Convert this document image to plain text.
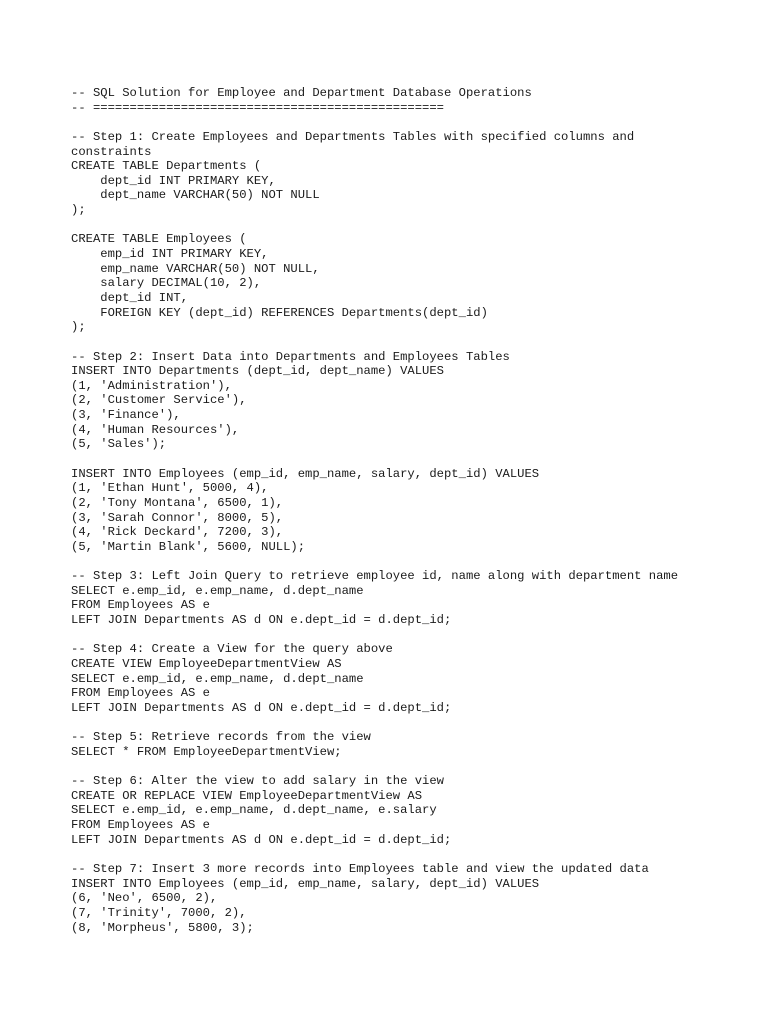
-- SQL Solution for Employee and Department Database Operations
-- ================================================
-- Step 1: Create Employees and Departments Tables with specified columns and
constraints
CREATE TABLE Departments (
dept_id INT PRIMARY KEY,
dept_name VARCHAR(50) NOT NULL
);
CREATE TABLE Employees (
emp_id INT PRIMARY KEY,
emp_name VARCHAR(50) NOT NULL,
salary DECIMAL(10, 2),
dept_id INT,
FOREIGN KEY (dept_id) REFERENCES Departments(dept_id)
);
-- Step 2: Insert Data into Departments and Employees Tables
INSERT INTO Departments (dept_id, dept_name) VALUES
(1, 'Administration'),
(2, 'Customer Service'),
(3, 'Finance'),
(4, 'Human Resources'),
(5, 'Sales');
INSERT INTO Employees (emp_id, emp_name, salary, dept_id) VALUES
(1, 'Ethan Hunt', 5000, 4),
(2, 'Tony Montana', 6500, 1),
(3, 'Sarah Connor', 8000, 5),
(4, 'Rick Deckard', 7200, 3),
(5, 'Martin Blank', 5600, NULL);
-- Step 3: Left Join Query to retrieve employee id, name along with department name
SELECT e.emp_id, e.emp_name, d.dept_name
FROM Employees AS e
LEFT JOIN Departments AS d ON e.dept_id = d.dept_id;
-- Step 4: Create a View for the query above
CREATE VIEW EmployeeDepartmentView AS
SELECT e.emp_id, e.emp_name, d.dept_name
FROM Employees AS e
LEFT JOIN Departments AS d ON e.dept_id = d.dept_id;
-- Step 5: Retrieve records from the view
SELECT * FROM EmployeeDepartmentView;
-- Step 6: Alter the view to add salary in the view
CREATE OR REPLACE VIEW EmployeeDepartmentView AS
SELECT e.emp_id, e.emp_name, d.dept_name, e.salary
FROM Employees AS e
LEFT JOIN Departments AS d ON e.dept_id = d.dept_id;
-- Step 7: Insert 3 more records into Employees table and view the updated data
INSERT INTO Employees (emp_id, emp_name, salary, dept_id) VALUES
(6, 'Neo', 6500, 2),
(7, 'Trinity', 7000, 2),
(8, 'Morpheus', 5800, 3);
